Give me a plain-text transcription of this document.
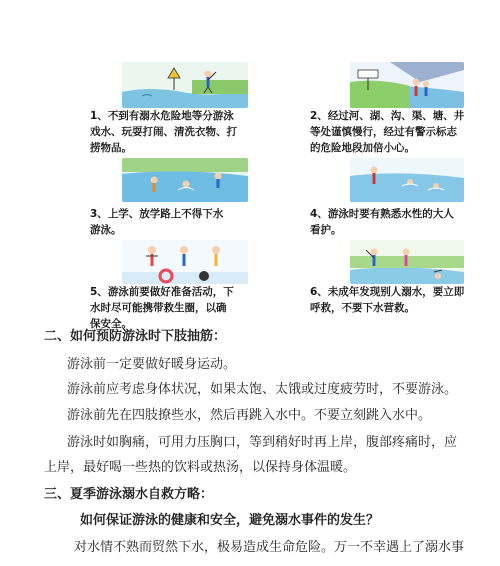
1、不到有溺水危险地等分游泳
戏水、玩耍打闹、清洗衣物、打
捞物品。
2、经过河、湖、沟、渠、塘、井
等处谨慎慢行，经过有警示标志
的危险地段加倍小心。
3、上学、放学路上不得下水
游泳。
4、游泳时要有熟悉水性的大人
看护。
5、游泳前要做好准备活动，下
水时尽可能携带救生圈，以确
保安全。
6、未成年发现别人溺水，要立即
呼救，不要下水营救。
二、如何预防游泳时下肢抽筋：
游泳前一定要做好暖身运动。
游泳前应考虑身体状况，如果太饱、太饿或过度疲劳时，不要游泳。
游泳前先在四肢撩些水，然后再跳入水中。不要立刻跳入水中。
游泳时如胸痛，可用力压胸口，等到稍好时再上岸，腹部疼痛时，应
上岸，最好喝一些热的饮料或热汤，以保持身体温暖。
三、夏季游泳溺水自救方略：
如何保证游泳的健康和安全，避免溺水事件的发生？
对水情不熟而贸然下水，极易造成生命危险。万一不幸遇上了溺水事
